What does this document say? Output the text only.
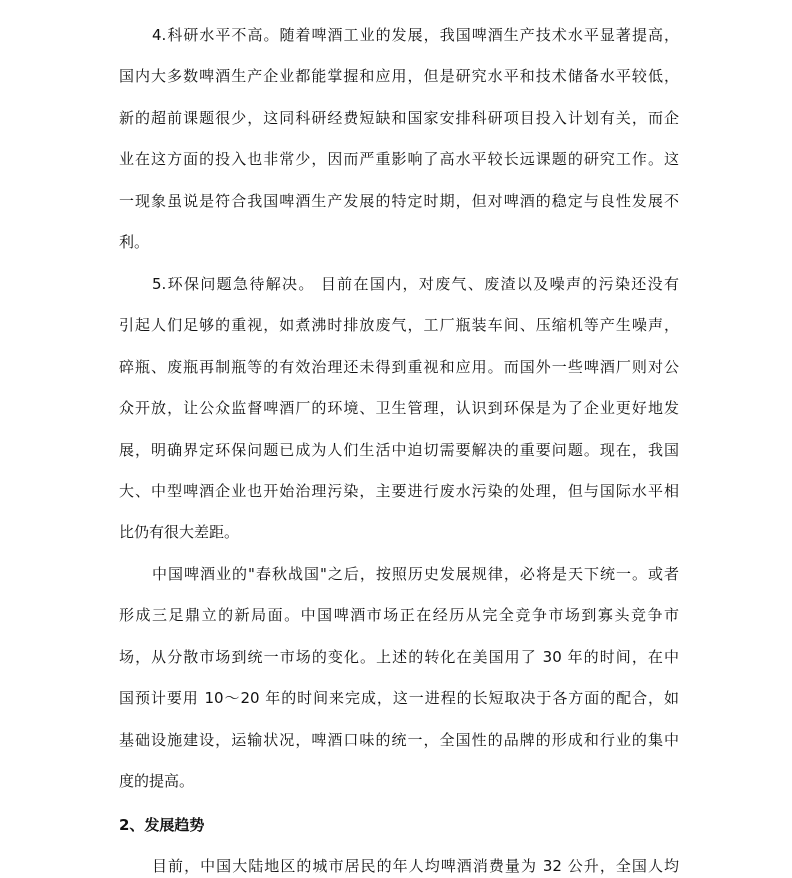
4.科研水平不高。随着啤酒工业的发展，我国啤酒生产技术水平显著提高，
国内大多数啤酒生产企业都能掌握和应用，但是研究水平和技术储备水平较低，
新的超前课题很少，这同科研经费短缺和国家安排科研项目投入计划有关，而企
业在这方面的投入也非常少，因而严重影响了高水平较长远课题的研究工作。这
一现象虽说是符合我国啤酒生产发展的特定时期，但对啤酒的稳定与良性发展不
利。
5.环保问题急待解决。 目前在国内，对废气、废渣以及噪声的污染还没有
引起人们足够的重视，如煮沸时排放废气，工厂瓶装车间、压缩机等产生噪声，
碎瓶、废瓶再制瓶等的有效治理还未得到重视和应用。而国外一些啤酒厂则对公
众开放，让公众监督啤酒厂的环境、卫生管理，认识到环保是为了企业更好地发
展，明确界定环保问题已成为人们生活中迫切需要解决的重要问题。现在，我国
大、中型啤酒企业也开始治理污染，主要进行废水污染的处理，但与国际水平相
比仍有很大差距。
中国啤酒业的"春秋战国"之后，按照历史发展规律，必将是天下统一。或者
形成三足鼎立的新局面。中国啤酒市场正在经历从完全竞争市场到寡头竞争市
场，从分散市场到统一市场的变化。上述的转化在美国用了 30 年的时间，在中
国预计要用 10～20 年的时间来完成，这一进程的长短取决于各方面的配合，如
基础设施建设，运输状况，啤酒口味的统一，全国性的品牌的形成和行业的集中
度的提高。
2、发展趋势
目前，中国大陆地区的城市居民的年人均啤酒消费量为 32 公升，全国人均
